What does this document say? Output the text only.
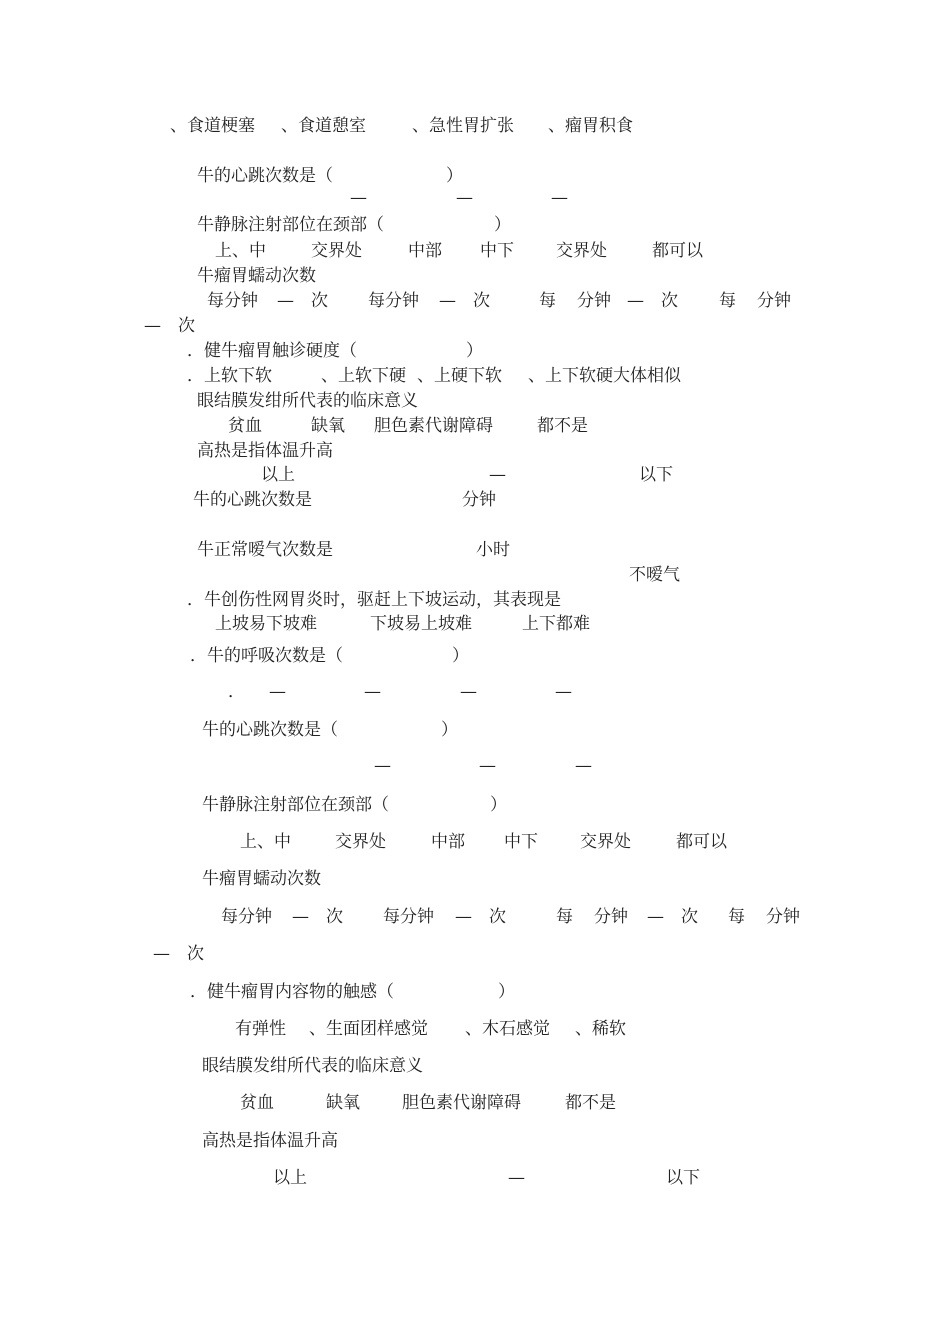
、食道梗塞 、食道憩室	、急性胃扩张 、瘤胃积食
牛的心跳次数是（	）
—	—	—
牛静脉注射部位在颈部（	）
上、中	交界处	中部 中下 交界处	都可以
牛瘤胃蠕动次数
每分钟 — 次 每分钟 — 次	每 分钟 — 次 每 分钟
— 次
．健牛瘤胃触诊硬度（	）
．上软下软	、上软下硬 、上硬下软 、上下软硬大体相似
眼结膜发绀所代表的临床意义
贫血	缺氧 胆色素代谢障碍	都不是
高热是指体温升高
以上	—	以下
牛的心跳次数是	分钟
牛正常嗳气次数是	小时
不嗳气
．牛创伤性网胃炎时，驱赶上下坡运动，其表现是
上坡易下坡难	下坡易上坡难	上下都难
．牛的呼吸次数是（	）
． —	—	—	—
牛的心跳次数是（	）
—	—	—
牛静脉注射部位在颈部（	）
上、中	交界处	中部 中下 交界处	都可以
牛瘤胃蠕动次数
每分钟 — 次 每分钟 — 次	每 分钟 — 次 每 分钟
— 次
．健牛瘤胃内容物的触感（	）
有弹性 、生面团样感觉 、木石感觉 、稀软
眼结膜发绀所代表的临床意义
贫血	缺氧 胆色素代谢障碍	都不是
高热是指体温升高
以上	—	以下
